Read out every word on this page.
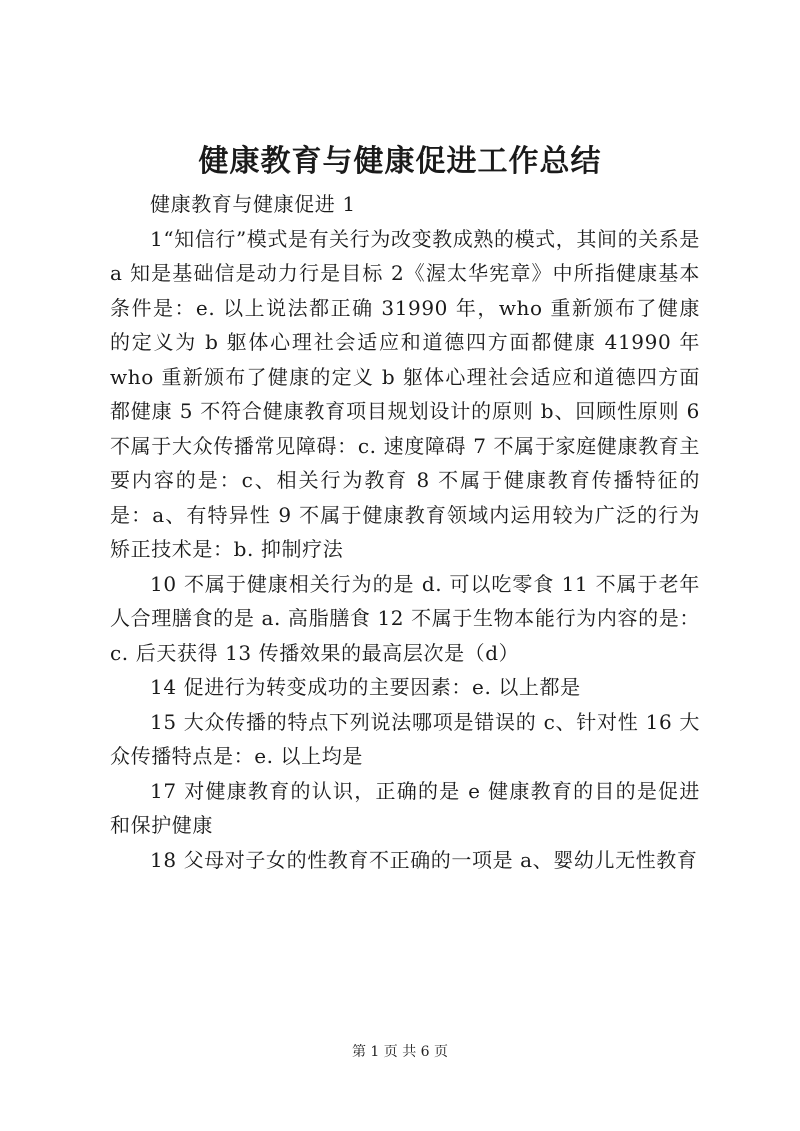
健康教育与健康促进工作总结

健康教育与健康促进 1

1“知信行”模式是有关行为改变教成熟的模式，其间的关系是 a 知是基础信是动力行是目标 2《渥太华宪章》中所指健康基本条件是：e. 以上说法都正确 31990 年，who 重新颁布了健康的定义为 b 躯体心理社会适应和道德四方面都健康 41990 年 who 重新颁布了健康的定义 b 躯体心理社会适应和道德四方面都健康 5 不符合健康教育项目规划设计的原则 b、回顾性原则 6 不属于大众传播常见障碍：c. 速度障碍 7 不属于家庭健康教育主要内容的是：c、相关行为教育 8 不属于健康教育传播特征的是：a、有特异性 9 不属于健康教育领域内运用较为广泛的行为矫正技术是：b. 抑制疗法

10 不属于健康相关行为的是 d. 可以吃零食 11 不属于老年人合理膳食的是 a. 高脂膳食 12 不属于生物本能行为内容的是：c. 后天获得 13 传播效果的最高层次是（d）

14 促进行为转变成功的主要因素：e. 以上都是

15 大众传播的特点下列说法哪项是错误的 c、针对性 16 大众传播特点是：e. 以上均是

17 对健康教育的认识，正确的是 e 健康教育的目的是促进和保护健康

18 父母对子女的性教育不正确的一项是 a、婴幼儿无性教育

第 1 页 共 6 页
